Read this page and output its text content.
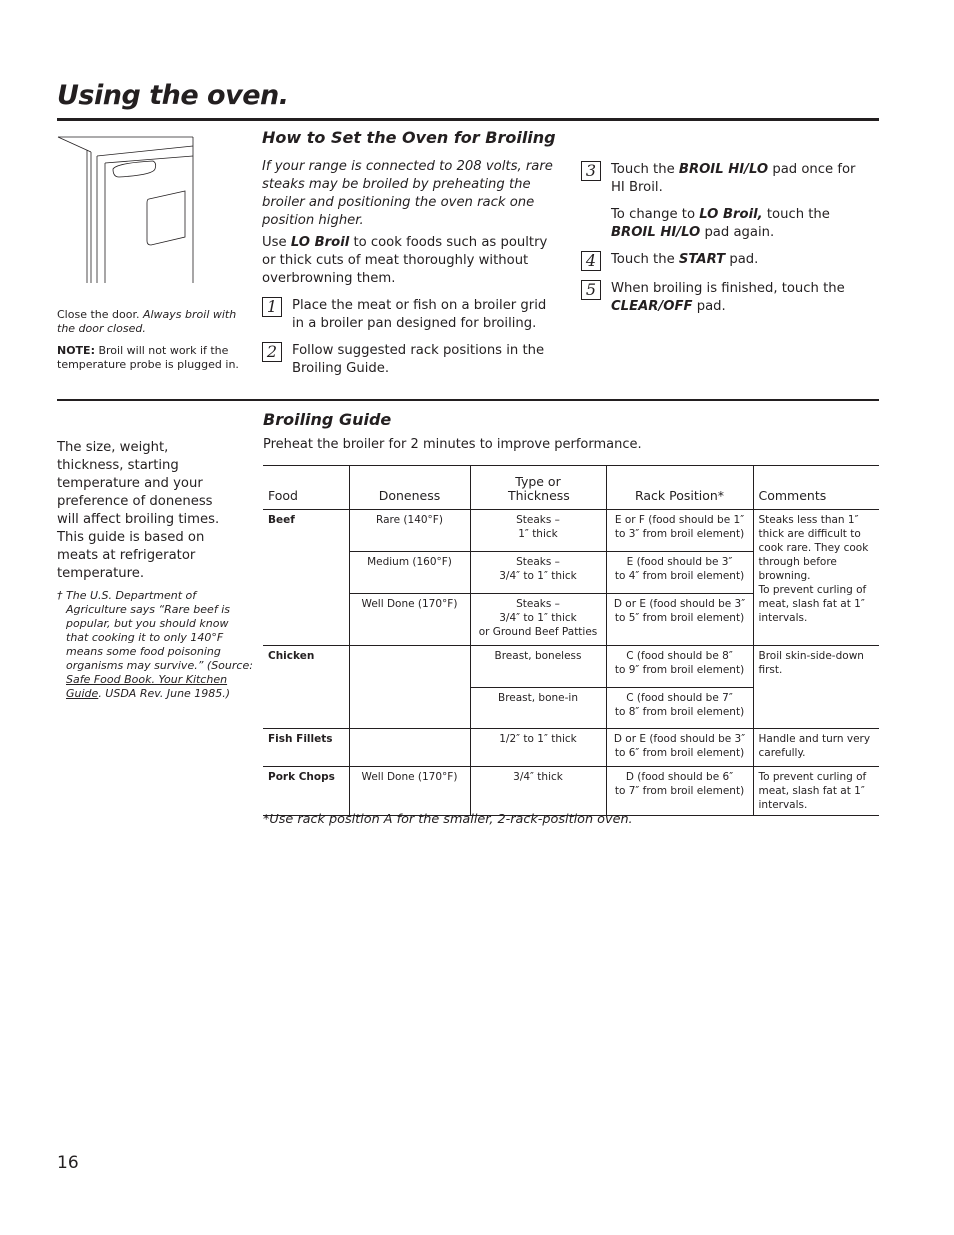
Using the oven.
Close the door. Always broil with the door closed.
NOTE: Broil will not work if the temperature probe is plugged in.
How to Set the Oven for Broiling
If your range is connected to 208 volts, rare steaks may be broiled by preheating the broiler and positioning the oven rack one position higher.
Use LO Broil to cook foods such as poultry or thick cuts of meat thoroughly without overbrowning them.
1	Place the meat or fish on a broiler grid in a broiler pan designed for broiling.
2	Follow suggested rack positions in the Broiling Guide.
3	Touch the BROIL HI/LO pad once for HI Broil.
To change to LO Broil, touch the BROIL HI/LO pad again.
4	Touch the START pad.
5	When broiling is finished, touch the CLEAR/OFF pad.
The size, weight, thickness, starting temperature and your preference of doneness will affect broiling times. This guide is based on meats at refrigerator temperature.
† The U.S. Department of Agriculture says “Rare beef is popular, but you should know that cooking it to only 140°F means some food poisoning organisms may survive.” (Source: Safe Food Book. Your Kitchen Guide. USDA Rev. June 1985.)
Broiling Guide
Preheat the broiler for 2 minutes to improve performance.
Food	Doneness	Type or Thickness	Rack Position*	Comments
Beef	Rare (140°F)	Steaks –
1″ thick	E or F (food should be 1″
to 3″ from broil element)	Steaks less than 1″ thick are difficult to cook rare. They cook through before browning.
To prevent curling of meat, slash fat at 1″ intervals.
	Medium (160°F)	Steaks –
3/4″ to 1″ thick	E (food should be 3″
to 4″ from broil element)	
	Well Done (170°F)	Steaks –
3/4″ to 1″ thick
or Ground Beef Patties	D or E (food should be 3″
to 5″ from broil element)	
Chicken		Breast, boneless	C (food should be 8″
to 9″ from broil element)	Broil skin-side-down first.
		Breast, bone-in	C (food should be 7″
to 8″ from broil element)	
Fish Fillets		1/2″ to 1″ thick	D or E (food should be 3″
to 6″ from broil element)	Handle and turn very carefully.
Pork Chops	Well Done (170°F)	3/4″ thick	D (food should be 6″
to 7″ from broil element)	To prevent curling of meat, slash fat at 1″ intervals.
*Use rack position A for the smaller, 2-rack-position oven.
16
